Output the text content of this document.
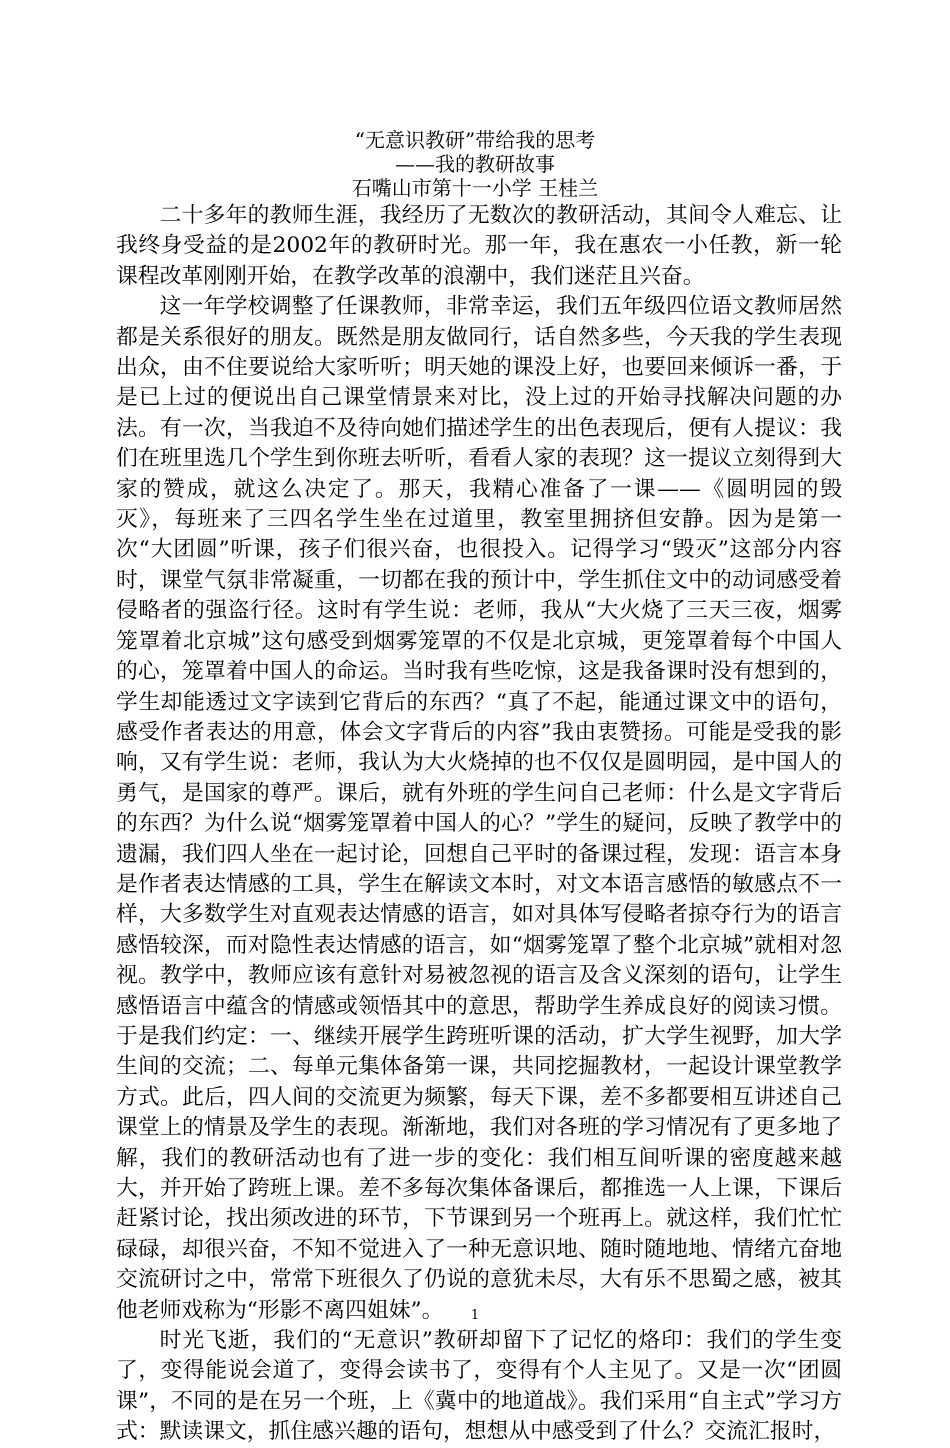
“无意识教研”带给我的思考
——我的教研故事
石嘴山市第十一小学 王桂兰

二十多年的教师生涯，我经历了无数次的教研活动，其间令人难忘、让我终身受益的是2002年的教研时光。那一年，我在惠农一小任教，新一轮课程改革刚刚开始，在教学改革的浪潮中，我们迷茫且兴奋。

这一年学校调整了任课教师，非常幸运，我们五年级四位语文教师居然都是关系很好的朋友。既然是朋友做同行，话自然多些，今天我的学生表现出众，由不住要说给大家听听；明天她的课没上好，也要回来倾诉一番，于是已上过的便说出自己课堂情景来对比，没上过的开始寻找解决问题的办法。有一次，当我迫不及待向她们描述学生的出色表现后，便有人提议：我们在班里选几个学生到你班去听听，看看人家的表现？这一提议立刻得到大家的赞成，就这么决定了。那天，我精心准备了一课——《圆明园的毁灭》，每班来了三四名学生坐在过道里，教室里拥挤但安静。因为是第一次“大团圆”听课，孩子们很兴奋，也很投入。记得学习“毁灭”这部分内容时，课堂气氛非常凝重，一切都在我的预计中，学生抓住文中的动词感受着侵略者的强盗行径。这时有学生说：老师，我从“大火烧了三天三夜，烟雾笼罩着北京城”这句感受到烟雾笼罩的不仅是北京城，更笼罩着每个中国人的心，笼罩着中国人的命运。当时我有些吃惊，这是我备课时没有想到的，学生却能透过文字读到它背后的东西？“真了不起，能通过课文中的语句，感受作者表达的用意，体会文字背后的内容”我由衷赞扬。可能是受我的影响，又有学生说：老师，我认为大火烧掉的也不仅仅是圆明园，是中国人的勇气，是国家的尊严。课后，就有外班的学生问自己老师：什么是文字背后的东西？为什么说“烟雾笼罩着中国人的心？”学生的疑问，反映了教学中的遗漏，我们四人坐在一起讨论，回想自己平时的备课过程，发现：语言本身是作者表达情感的工具，学生在解读文本时，对文本语言感悟的敏感点不一样，大多数学生对直观表达情感的语言，如对具体写侵略者掠夺行为的语言感悟较深，而对隐性表达情感的语言，如“烟雾笼罩了整个北京城”就相对忽视。教学中，教师应该有意针对易被忽视的语言及含义深刻的语句，让学生感悟语言中蕴含的情感或领悟其中的意思，帮助学生养成良好的阅读习惯。于是我们约定：一、继续开展学生跨班听课的活动，扩大学生视野，加大学生间的交流；二、每单元集体备第一课，共同挖掘教材，一起设计课堂教学方式。此后，四人间的交流更为频繁，每天下课，差不多都要相互讲述自己课堂上的情景及学生的表现。渐渐地，我们对各班的学习情况有了更多地了解，我们的教研活动也有了进一步的变化：我们相互间听课的密度越来越大，并开始了跨班上课。差不多每次集体备课后，都推选一人上课，下课后赶紧讨论，找出须改进的环节，下节课到另一个班再上。就这样，我们忙忙碌碌，却很兴奋，不知不觉进入了一种无意识地、随时随地地、情绪亢奋地交流研讨之中，常常下班很久了仍说的意犹未尽，大有乐不思蜀之感，被其他老师戏称为“形影不离四姐妹”。

时光飞逝，我们的“无意识”教研却留下了记忆的烙印：我们的学生变了，变得能说会道了，变得会读书了，变得有个人主见了。又是一次“团圆课”，不同的是在另一个班，上《冀中的地道战》。我们采用“自主式”学习方式：默读课文，抓住感兴趣的语句，想想从中感受到了什么？交流汇报时，

1
